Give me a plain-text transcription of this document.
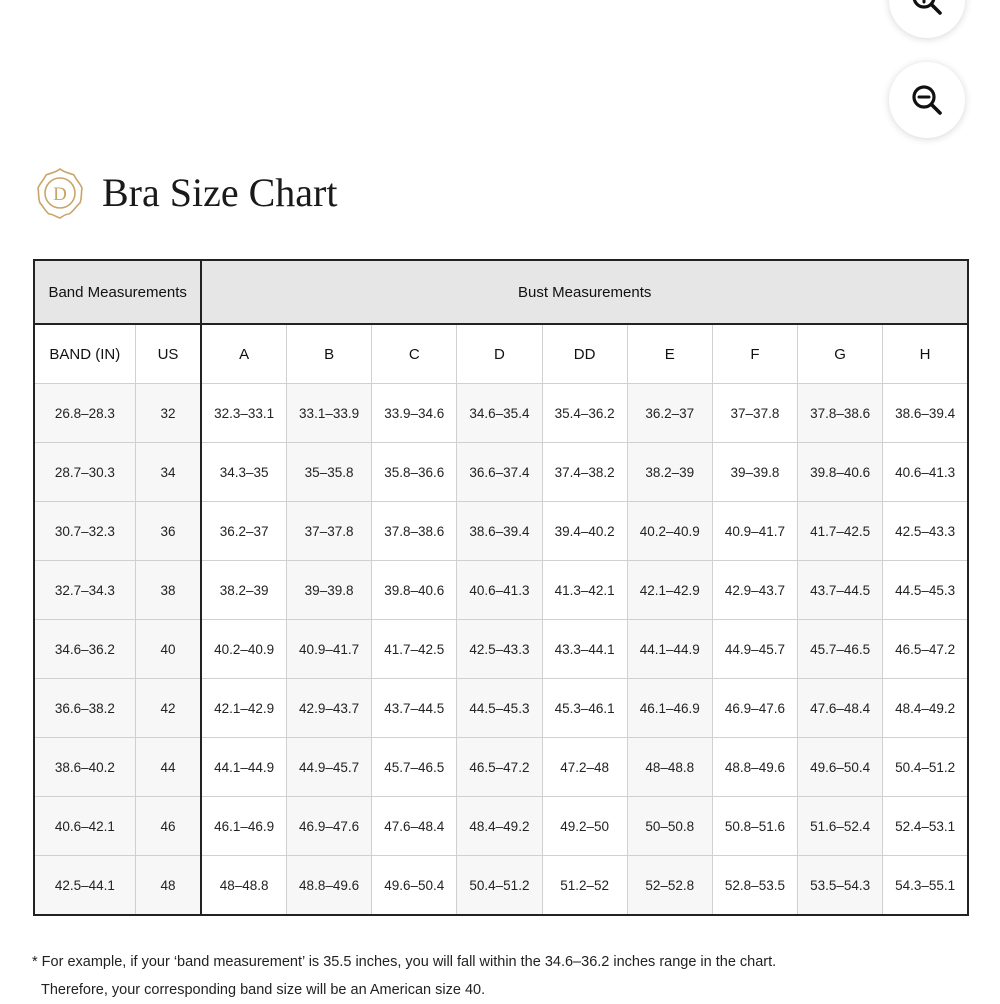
D Bra Size Chart
Band Measurements		Bust Measurements								
BAND (IN)	US	A	B	C	D	DD	E	F	G	H
26.8–28.3	32	32.3–33.1	33.1–33.9	33.9–34.6	34.6–35.4	35.4–36.2	36.2–37	37–37.8	37.8–38.6	38.6–39.4
28.7–30.3	34	34.3–35	35–35.8	35.8–36.6	36.6–37.4	37.4–38.2	38.2–39	39–39.8	39.8–40.6	40.6–41.3
30.7–32.3	36	36.2–37	37–37.8	37.8–38.6	38.6–39.4	39.4–40.2	40.2–40.9	40.9–41.7	41.7–42.5	42.5–43.3
32.7–34.3	38	38.2–39	39–39.8	39.8–40.6	40.6–41.3	41.3–42.1	42.1–42.9	42.9–43.7	43.7–44.5	44.5–45.3
34.6–36.2	40	40.2–40.9	40.9–41.7	41.7–42.5	42.5–43.3	43.3–44.1	44.1–44.9	44.9–45.7	45.7–46.5	46.5–47.2
36.6–38.2	42	42.1–42.9	42.9–43.7	43.7–44.5	44.5–45.3	45.3–46.1	46.1–46.9	46.9–47.6	47.6–48.4	48.4–49.2
38.6–40.2	44	44.1–44.9	44.9–45.7	45.7–46.5	46.5–47.2	47.2–48	48–48.8	48.8–49.6	49.6–50.4	50.4–51.2
40.6–42.1	46	46.1–46.9	46.9–47.6	47.6–48.4	48.4–49.2	49.2–50	50–50.8	50.8–51.6	51.6–52.4	52.4–53.1
42.5–44.1	48	48–48.8	48.8–49.6	49.6–50.4	50.4–51.2	51.2–52	52–52.8	52.8–53.5	53.5–54.3	54.3–55.1

* For example, if your ‘band measurement’ is 35.5 inches, you will fall within the 34.6–36.2 inches range in the chart.

Therefore, your corresponding band size will be an American size 40.
